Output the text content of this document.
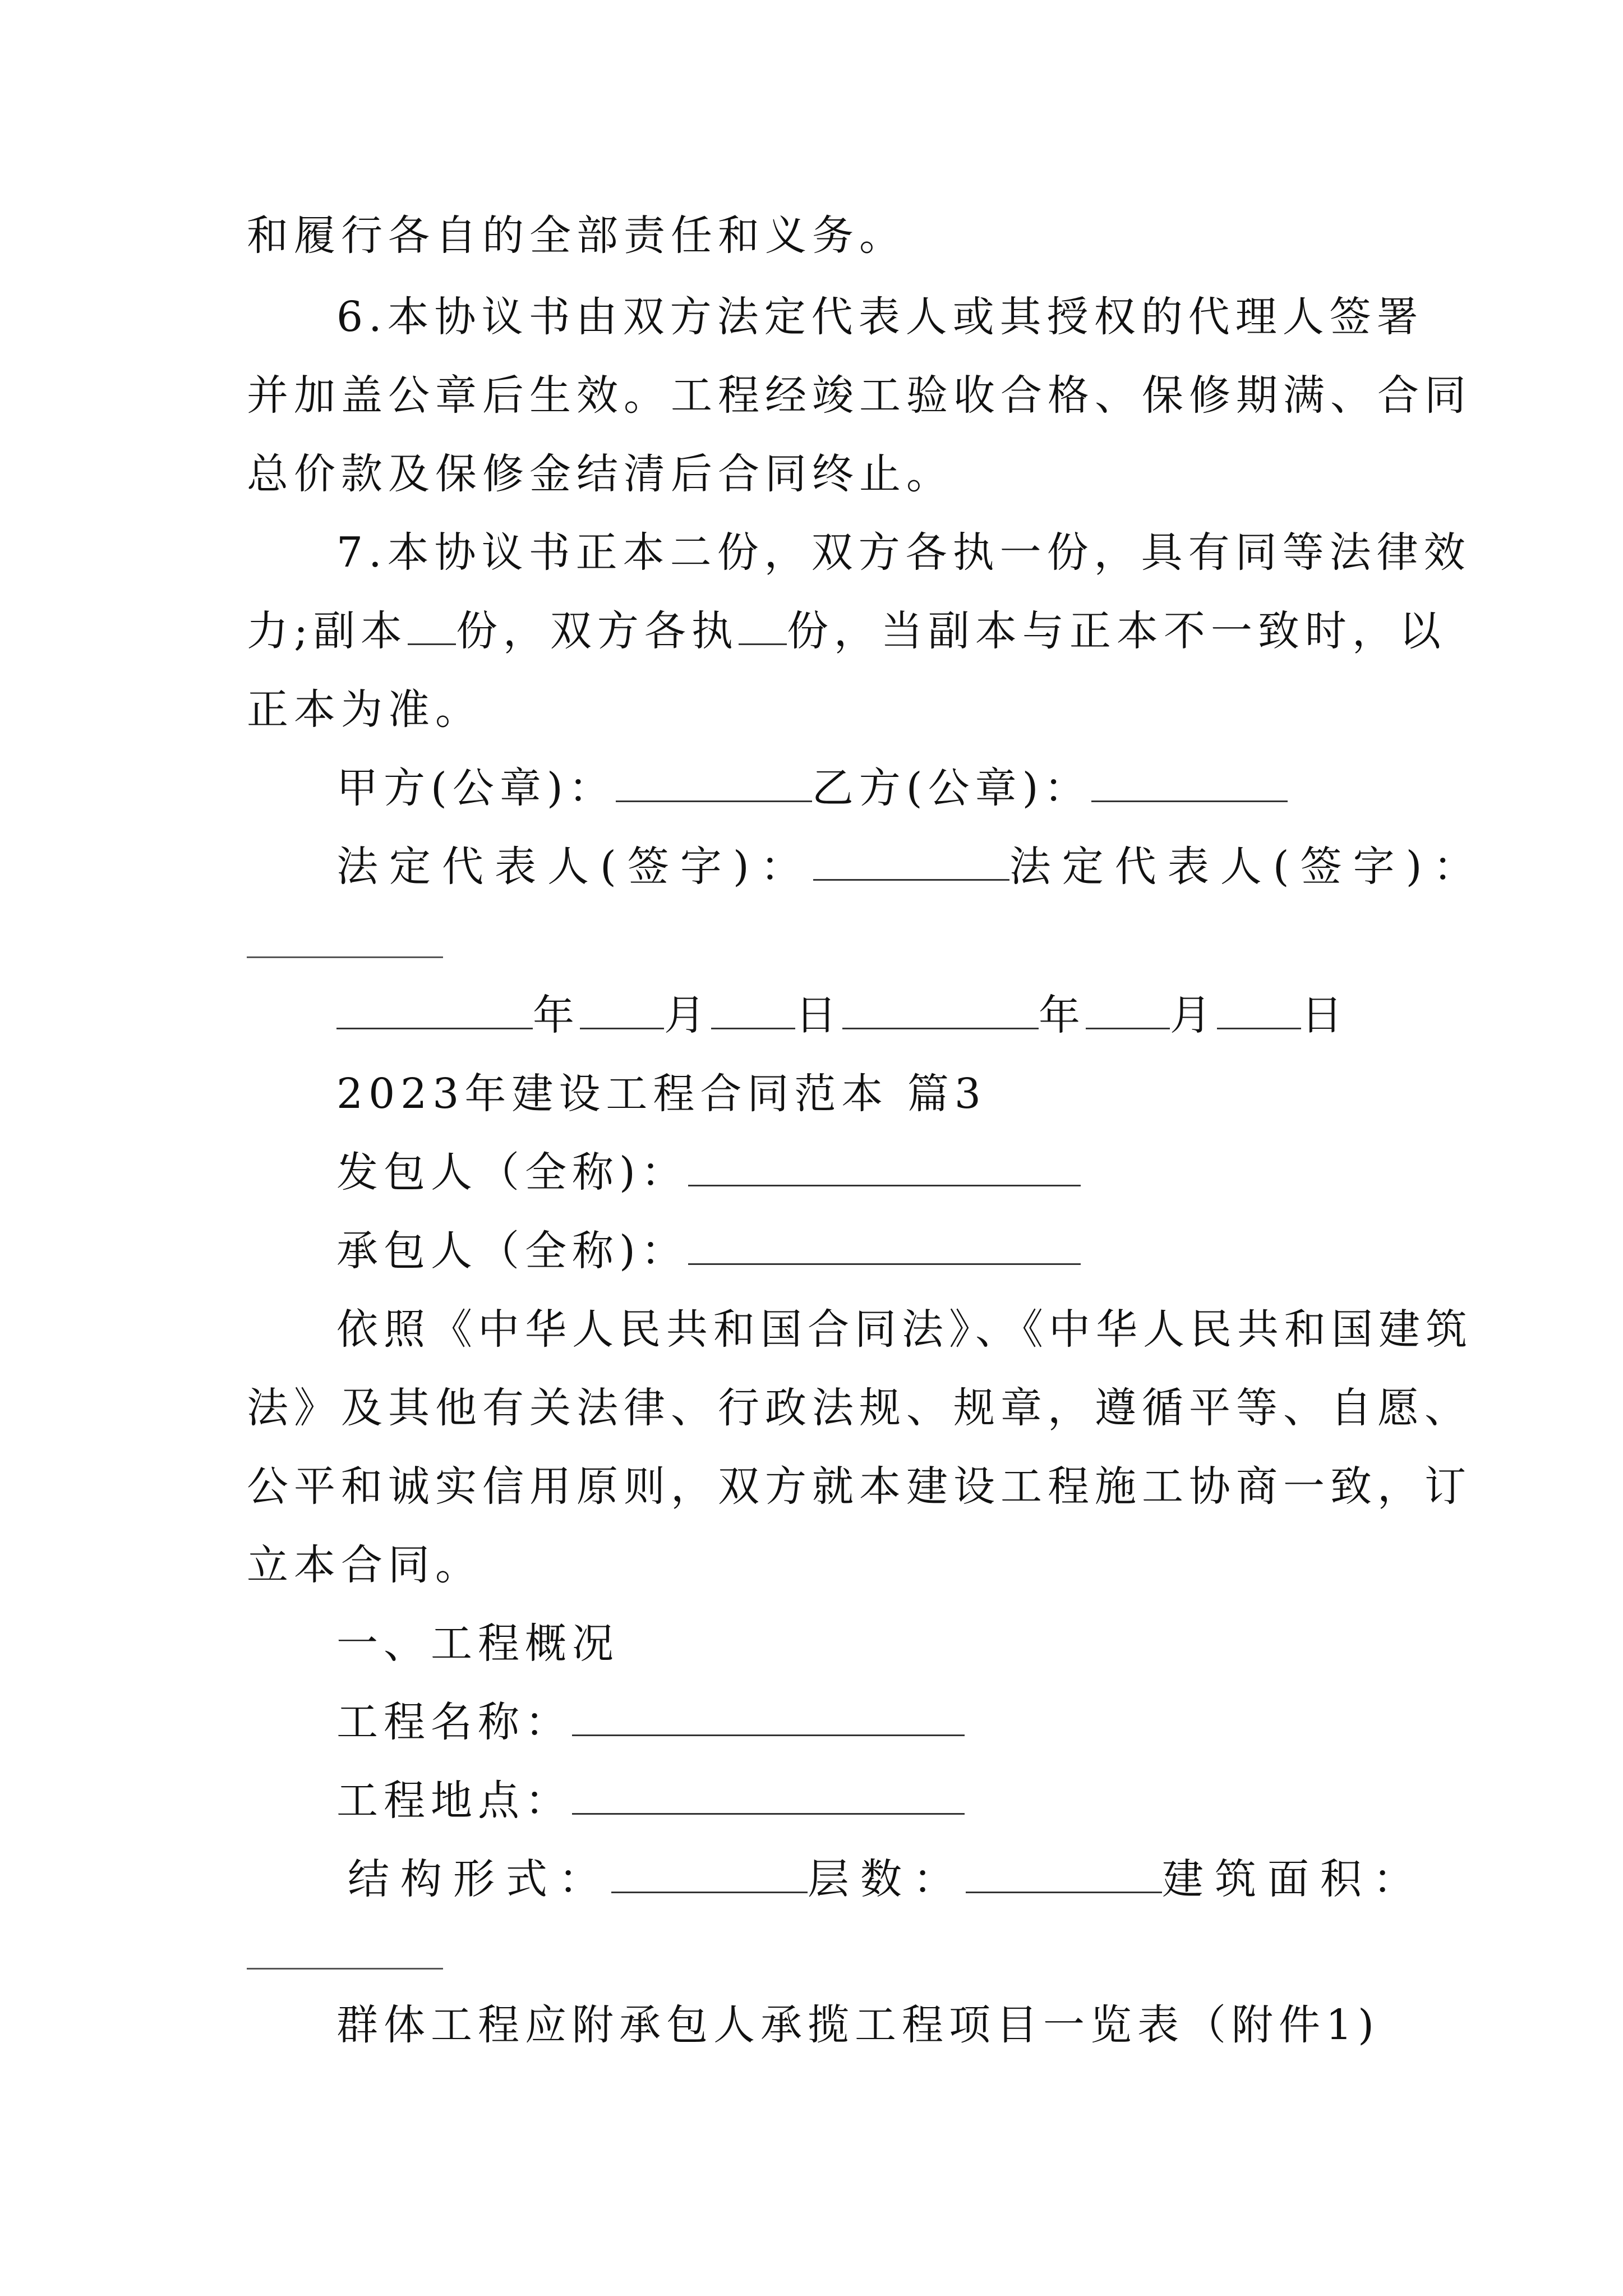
和履行各自的全部责任和义务。
6.本协议书由双方法定代表人或其授权的代理人签署
并加盖公章后生效。工程经竣工验收合格、保修期满、合同
总价款及保修金结清后合同终止。
7.本协议书正本二份，双方各执一份，具有同等法律效
力;副本 份，双方各执 份，当副本与正本不一致时，以
正本为准。
甲方(公章)：	乙方(公章)：
法定代表人(签字)：	法定代表人(签字)：
年 月 日	年 月 日
2023年建设工程合同范本 篇3
发包人（全称)：
承包人（全称)：
依照《中华人民共和国合同法》、《中华人民共和国建筑
法》及其他有关法律、行政法规、规章，遵循平等、自愿、
公平和诚实信用原则，双方就本建设工程施工协商一致，订
立本合同。
一、工程概况
工程名称：
工程地点：
结构形式：	层数：	建筑面积：
群体工程应附承包人承揽工程项目一览表（附件1)
